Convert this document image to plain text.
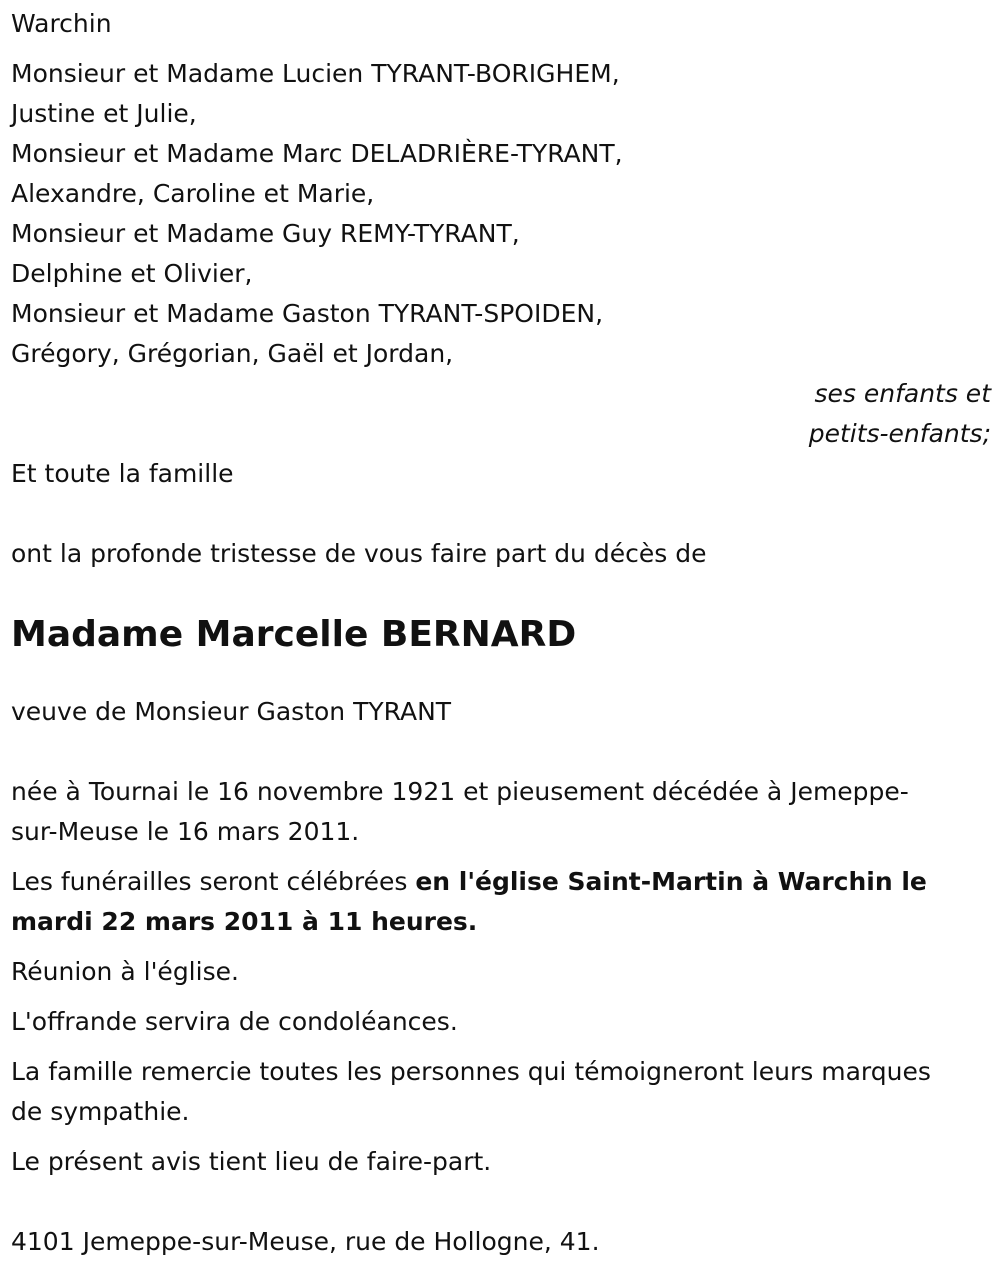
Warchin

Monsieur et Madame Lucien TYRANT-BORIGHEM,

Justine et Julie,

Monsieur et Madame Marc DELADRIÈRE-TYRANT,

Alexandre, Caroline et Marie,

Monsieur et Madame Guy REMY-TYRANT,

Delphine et Olivier,

Monsieur et Madame Gaston TYRANT-SPOIDEN,

Grégory, Grégorian, Gaël et Jordan,

ses enfants et

petits-enfants;

Et toute la famille

ont la profonde tristesse de vous faire part du décès de

Madame Marcelle BERNARD

veuve de Monsieur Gaston TYRANT

née à Tournai le 16 novembre 1921 et pieusement décédée à Jemeppe-sur-Meuse le 16 mars 2011.

Les funérailles seront célébrées en l'église Saint-Martin à Warchin le mardi 22 mars 2011 à 11 heures.

Réunion à l'église.

L'offrande servira de condoléances.

La famille remercie toutes les personnes qui témoigneront leurs marques de sympathie.

Le présent avis tient lieu de faire-part.

4101 Jemeppe-sur-Meuse, rue de Hollogne, 41.
